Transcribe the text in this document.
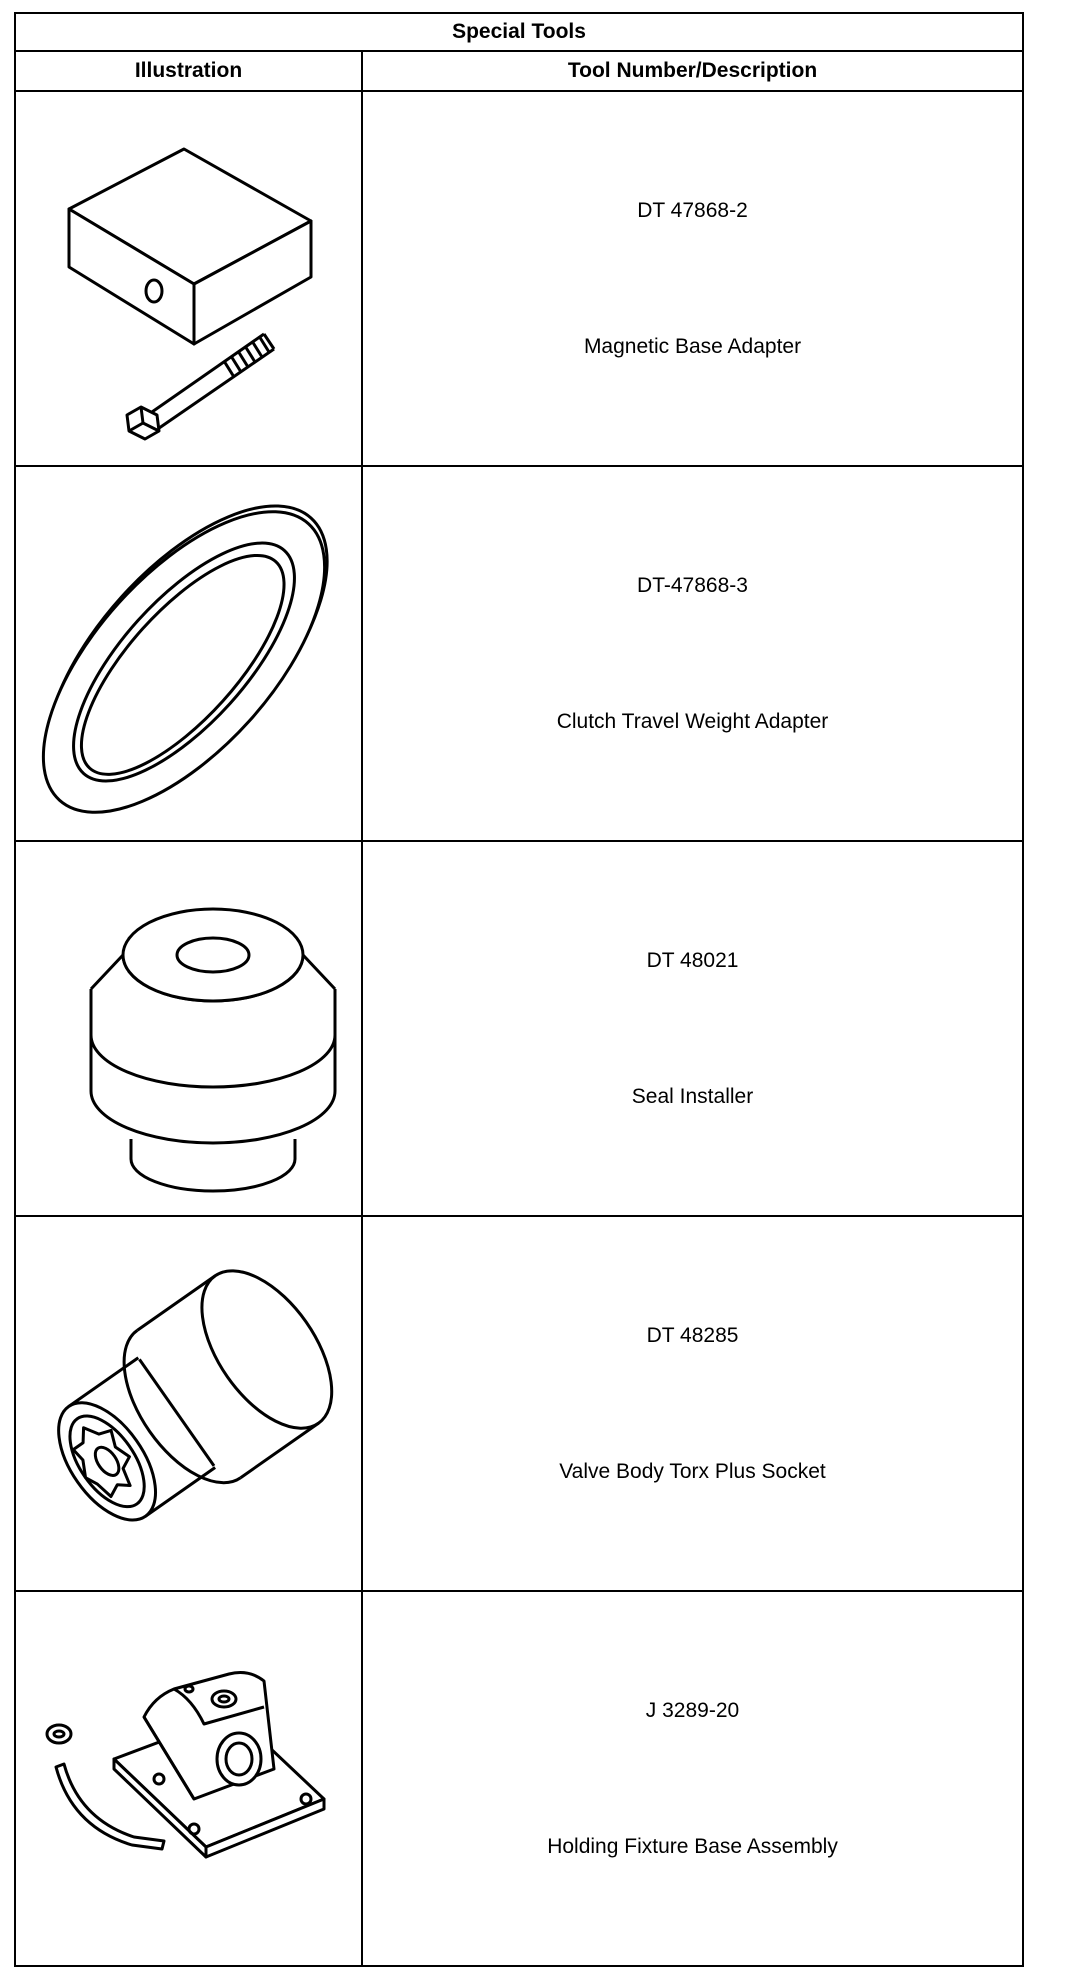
Special Tools	
Illustration	Tool Number/Description

DT 47868-2
Magnetic Base Adapter

DT-47868-3
Clutch Travel Weight Adapter

DT 48021
Seal Installer

DT 48285
Valve Body Torx Plus Socket

J 3289-20
Holding Fixture Base Assembly
